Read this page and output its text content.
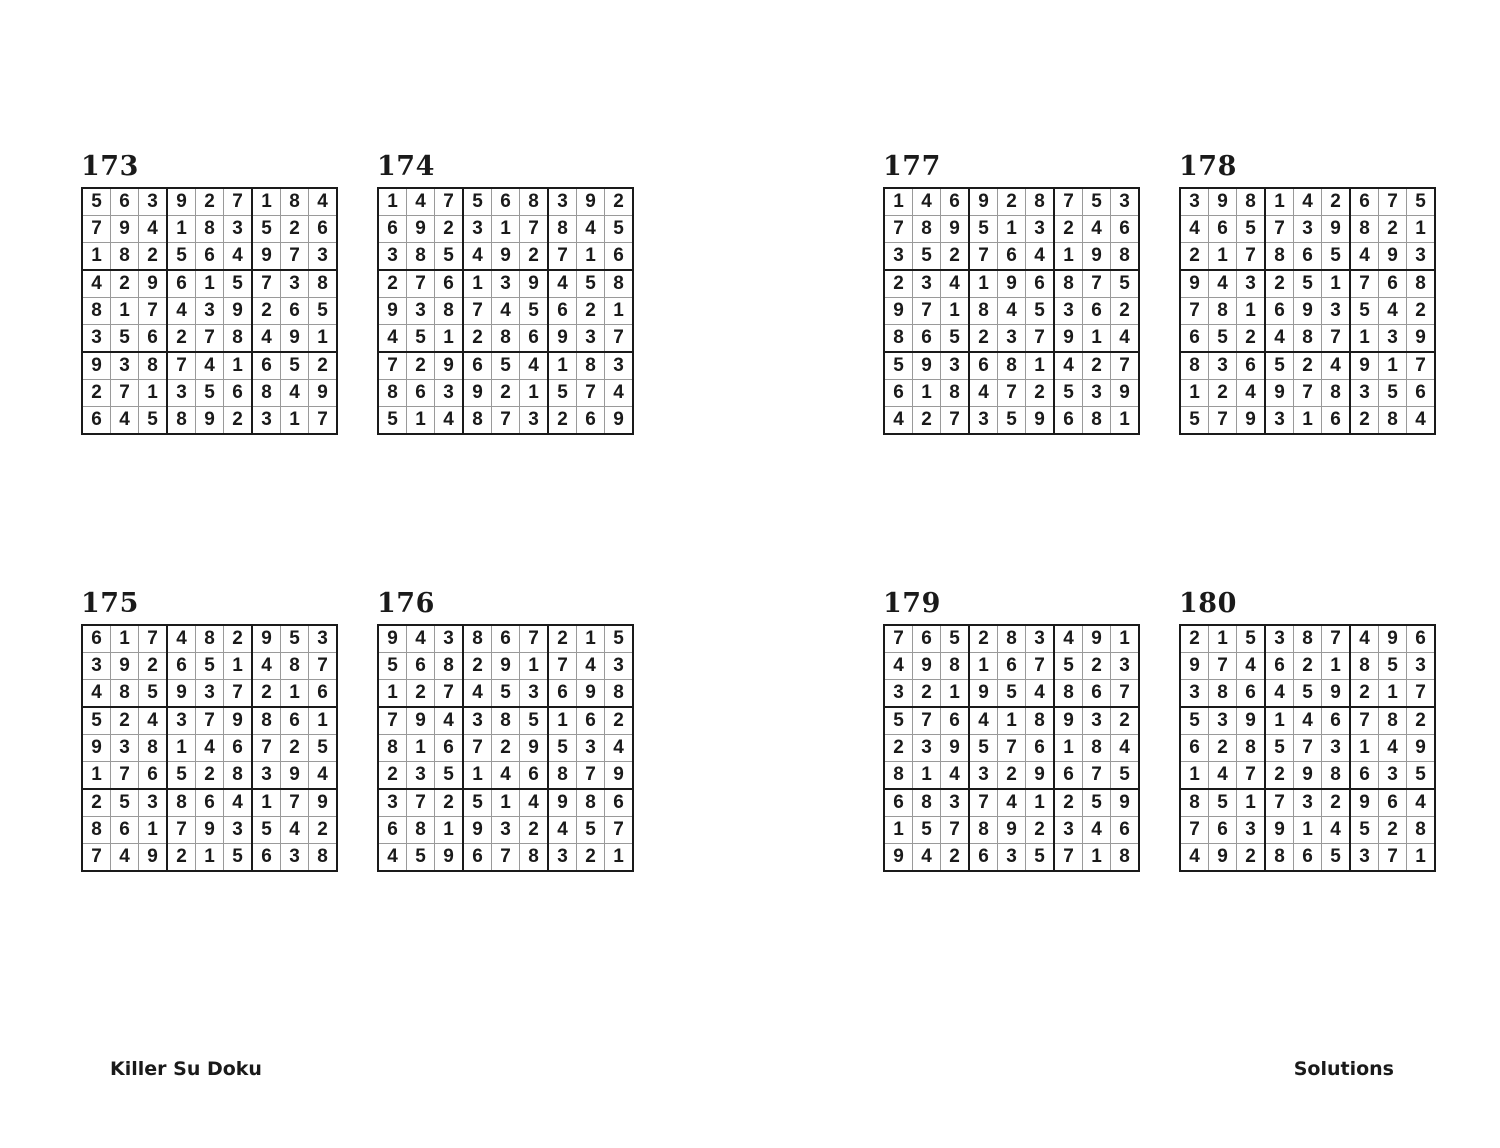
173
5	6	3	9	2	7	1	8	4
7	9	4	1	8	3	5	2	6
1	8	2	5	6	4	9	7	3
4	2	9	6	1	5	7	3	8
8	1	7	4	3	9	2	6	5
3	5	6	2	7	8	4	9	1
9	3	8	7	4	1	6	5	2
2	7	1	3	5	6	8	4	9
6	4	5	8	9	2	3	1	7
174
1	4	7	5	6	8	3	9	2
6	9	2	3	1	7	8	4	5
3	8	5	4	9	2	7	1	6
2	7	6	1	3	9	4	5	8
9	3	8	7	4	5	6	2	1
4	5	1	2	8	6	9	3	7
7	2	9	6	5	4	1	8	3
8	6	3	9	2	1	5	7	4
5	1	4	8	7	3	2	6	9
177
1	4	6	9	2	8	7	5	3
7	8	9	5	1	3	2	4	6
3	5	2	7	6	4	1	9	8
2	3	4	1	9	6	8	7	5
9	7	1	8	4	5	3	6	2
8	6	5	2	3	7	9	1	4
5	9	3	6	8	1	4	2	7
6	1	8	4	7	2	5	3	9
4	2	7	3	5	9	6	8	1
178
3	9	8	1	4	2	6	7	5
4	6	5	7	3	9	8	2	1
2	1	7	8	6	5	4	9	3
9	4	3	2	5	1	7	6	8
7	8	1	6	9	3	5	4	2
6	5	2	4	8	7	1	3	9
8	3	6	5	2	4	9	1	7
1	2	4	9	7	8	3	5	6
5	7	9	3	1	6	2	8	4
175
6	1	7	4	8	2	9	5	3
3	9	2	6	5	1	4	8	7
4	8	5	9	3	7	2	1	6
5	2	4	3	7	9	8	6	1
9	3	8	1	4	6	7	2	5
1	7	6	5	2	8	3	9	4
2	5	3	8	6	4	1	7	9
8	6	1	7	9	3	5	4	2
7	4	9	2	1	5	6	3	8
176
9	4	3	8	6	7	2	1	5
5	6	8	2	9	1	7	4	3
1	2	7	4	5	3	6	9	8
7	9	4	3	8	5	1	6	2
8	1	6	7	2	9	5	3	4
2	3	5	1	4	6	8	7	9
3	7	2	5	1	4	9	8	6
6	8	1	9	3	2	4	5	7
4	5	9	6	7	8	3	2	1
179
7	6	5	2	8	3	4	9	1
4	9	8	1	6	7	5	2	3
3	2	1	9	5	4	8	6	7
5	7	6	4	1	8	9	3	2
2	3	9	5	7	6	1	8	4
8	1	4	3	2	9	6	7	5
6	8	3	7	4	1	2	5	9
1	5	7	8	9	2	3	4	6
9	4	2	6	3	5	7	1	8
180
2	1	5	3	8	7	4	9	6
9	7	4	6	2	1	8	5	3
3	8	6	4	5	9	2	1	7
5	3	9	1	4	6	7	8	2
6	2	8	5	7	3	1	4	9
1	4	7	2	9	8	6	3	5
8	5	1	7	3	2	9	6	4
7	6	3	9	1	4	5	2	8
4	9	2	8	6	5	3	7	1
Killer Su Doku	Solutions
